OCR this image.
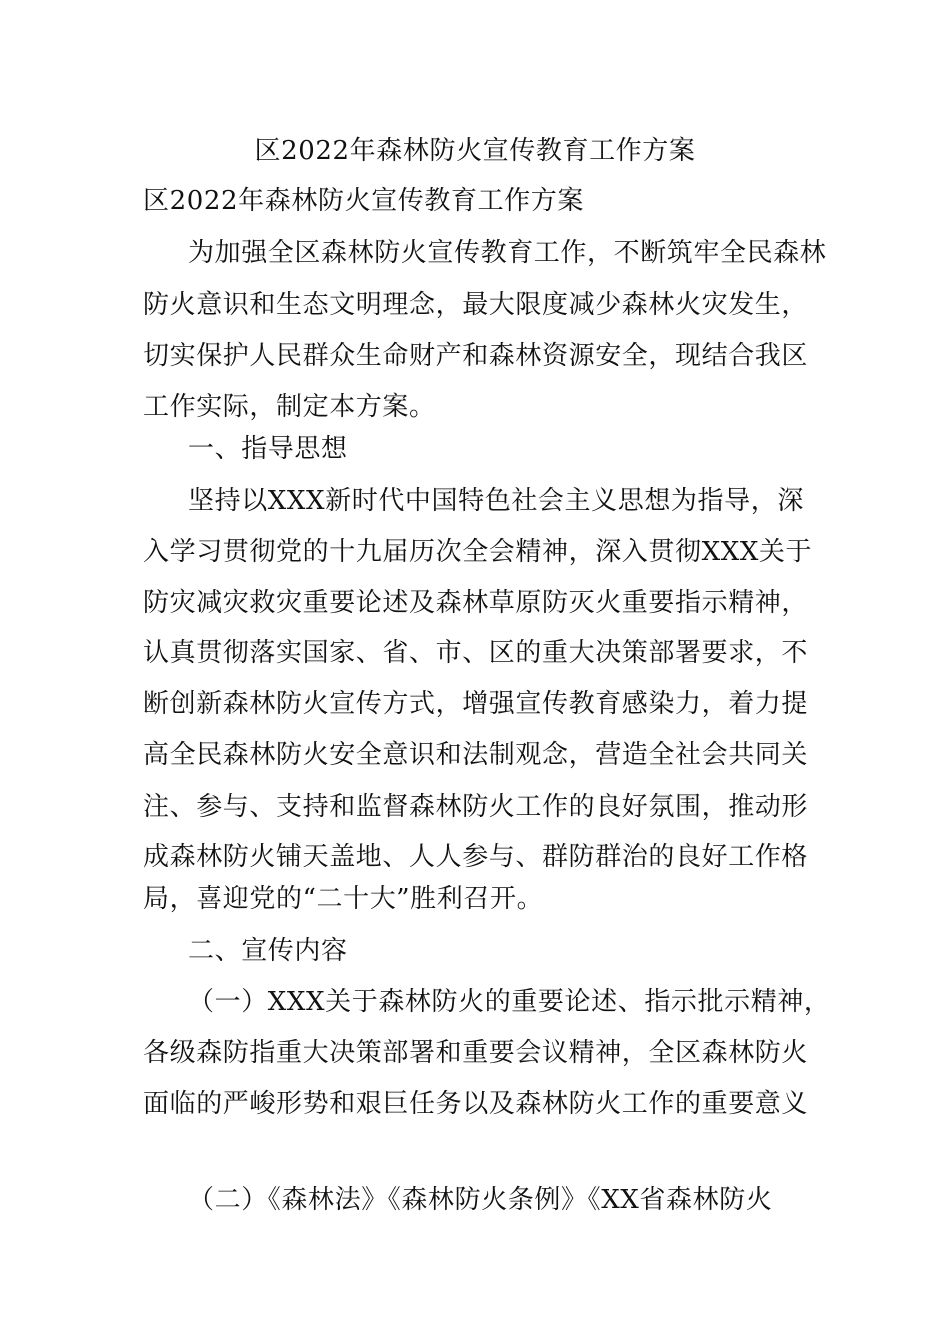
区2022年森林防火宣传教育工作方案
区2022年森林防火宣传教育工作方案
为加强全区森林防火宣传教育工作，不断筑牢全民森林
防火意识和生态文明理念，最大限度减少森林火灾发生，
切实保护人民群众生命财产和森林资源安全，现结合我区
工作实际，制定本方案。
一、指导思想
坚持以XXX新时代中国特色社会主义思想为指导，深
入学习贯彻党的十九届历次全会精神，深入贯彻XXX关于
防灾减灾救灾重要论述及森林草原防灭火重要指示精神，
认真贯彻落实国家、省、市、区的重大决策部署要求，不
断创新森林防火宣传方式，增强宣传教育感染力，着力提
高全民森林防火安全意识和法制观念，营造全社会共同关
注、参与、支持和监督森林防火工作的良好氛围，推动形
成森林防火铺天盖地、人人参与、群防群治的良好工作格
局，喜迎党的“二十大”胜利召开。
二、宣传内容
（一）XXX关于森林防火的重要论述、指示批示精神，
各级森防指重大决策部署和重要会议精神，全区森林防火
面临的严峻形势和艰巨任务以及森林防火工作的重要意义
（二）《森林法》《森林防火条例》《XX省森林防火
